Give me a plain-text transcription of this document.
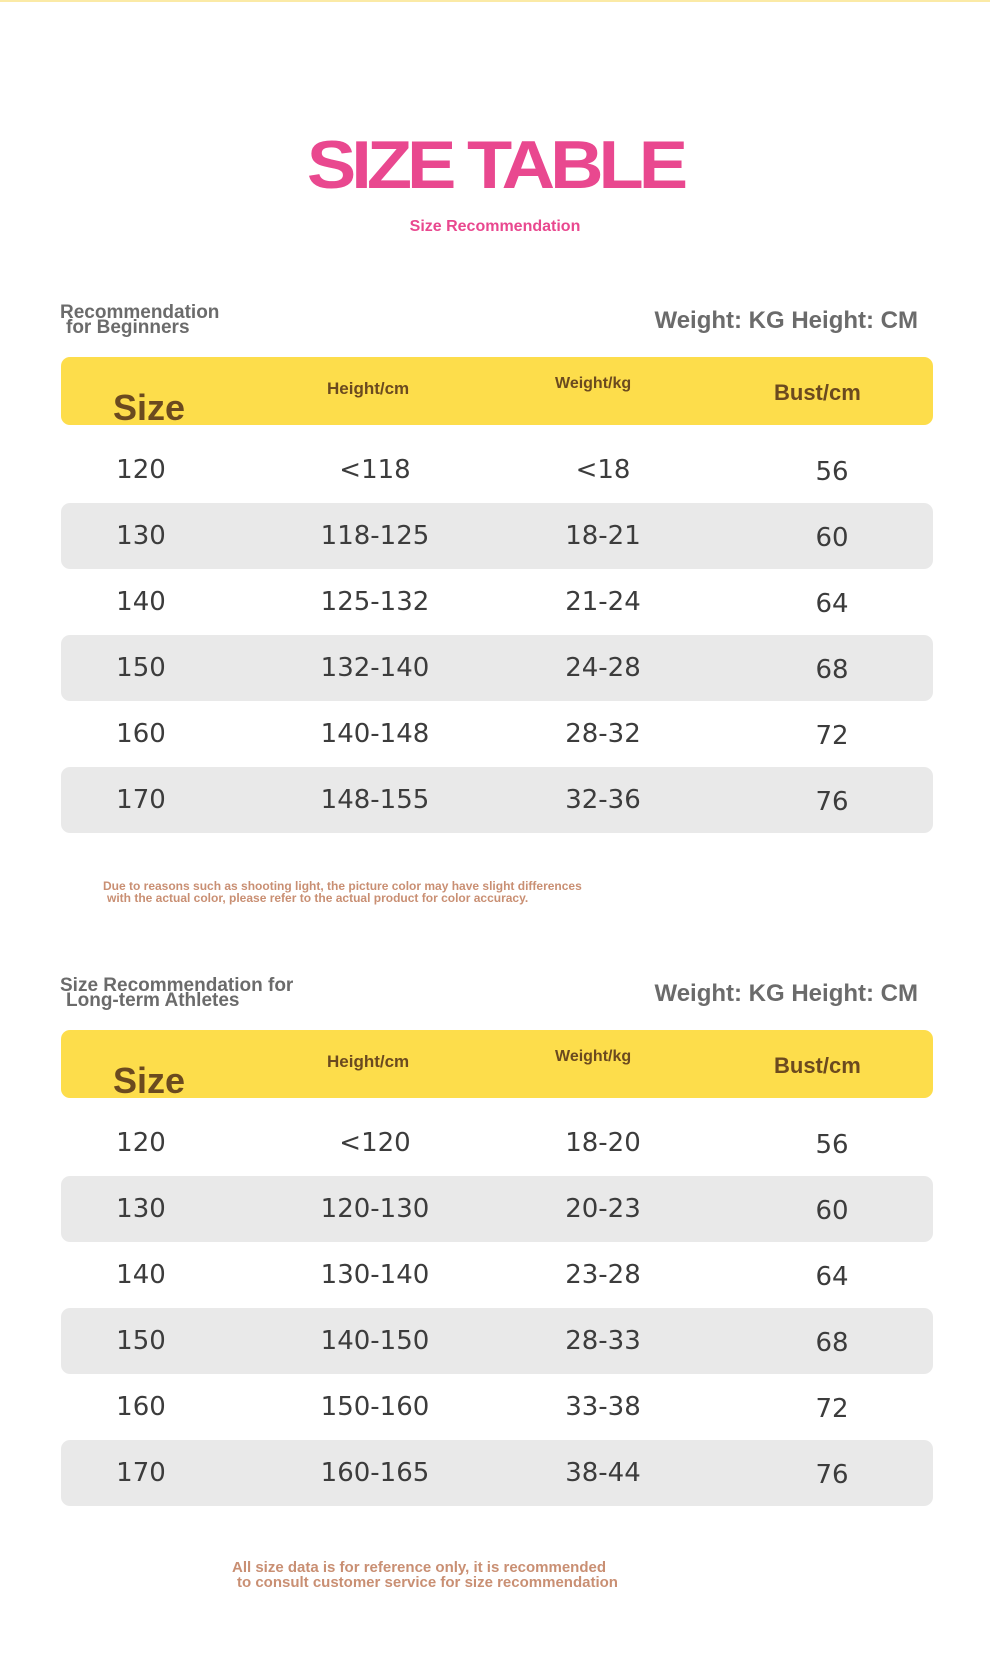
SIZE TABLE
Size Recommendation
Recommendation
for Beginners	Weight: KG Height: CM
Size	Height/cm	Weight/kg	Bust/cm
120	<118	<18	56
130	118-125	18-21	60
140	125-132	21-24	64
150	132-140	24-28	68
160	140-148	28-32	72
170	148-155	32-36	76
Due to reasons such as shooting light, the picture color may have slight differences
with the actual color, please refer to the actual product for color accuracy.
Size Recommendation for
Long-term Athletes	Weight: KG Height: CM
Size	Height/cm	Weight/kg	Bust/cm
120	<120	18-20	56
130	120-130	20-23	60
140	130-140	23-28	64
150	140-150	28-33	68
160	150-160	33-38	72
170	160-165	38-44	76
All size data is for reference only, it is recommended
to consult customer service for size recommendation
